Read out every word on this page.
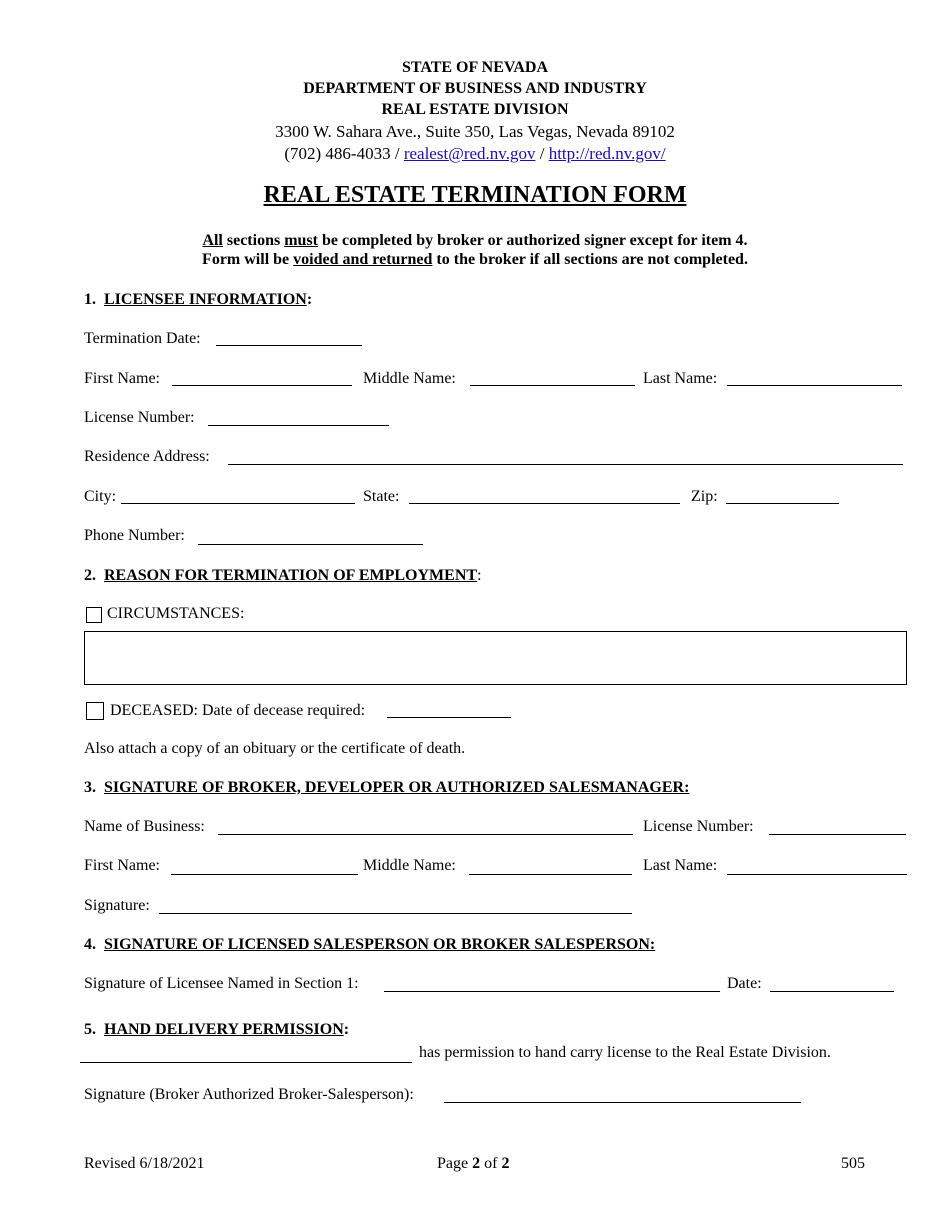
STATE OF NEVADA
DEPARTMENT OF BUSINESS AND INDUSTRY
REAL ESTATE DIVISION
3300 W. Sahara Ave., Suite 350, Las Vegas, Nevada 89102
(702) 486-4033 / realest@red.nv.gov / http://red.nv.gov/
REAL ESTATE TERMINATION FORM
All sections must be completed by broker or authorized signer except for item 4.
Form will be voided and returned to the broker if all sections are not completed.
1. LICENSEE INFORMATION:
Termination Date:
First Name:	Middle Name:	Last Name:
License Number:
Residence Address:
City:	State:	Zip:
Phone Number:
2. REASON FOR TERMINATION OF EMPLOYMENT:
CIRCUMSTANCES:
DECEASED: Date of decease required:
Also attach a copy of an obituary or the certificate of death.
3. SIGNATURE OF BROKER, DEVELOPER OR AUTHORIZED SALESMANAGER:
Name of Business:	License Number:
First Name:	Middle Name:	Last Name:
Signature:
4. SIGNATURE OF LICENSED SALESPERSON OR BROKER SALESPERSON:
Signature of Licensee Named in Section 1:	Date:
5. HAND DELIVERY PERMISSION:
has permission to hand carry license to the Real Estate Division.
Signature (Broker Authorized Broker-Salesperson):
Revised 6/18/2021	Page 2 of 2	505
